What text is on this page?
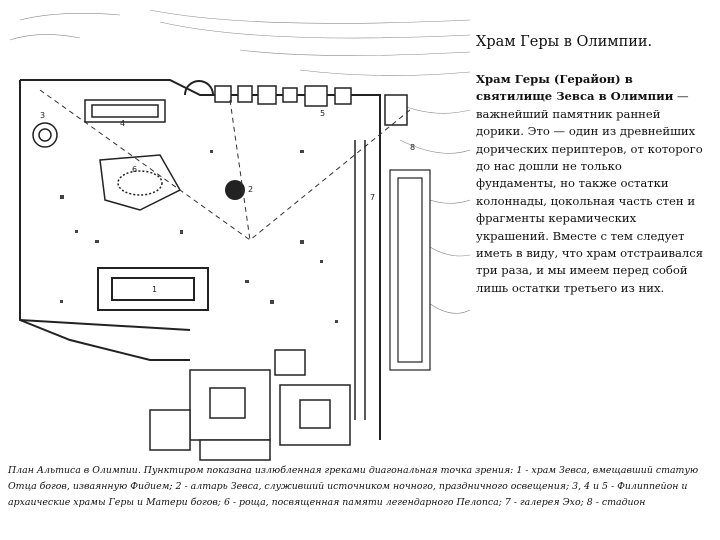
1
2
3
4
5
6
7
8
Храм Геры в Олимпии.
Храм Геры (Герайон) в святилище Зевса в Олимпии — важнейший памятник ранней дорики. Это — один из древнейших дорических периптеров, от которого до нас дошли не только фундаменты, но также остатки колоннады, цокольная часть стен и фрагменты керамических украшений. Вместе с тем следует иметь в виду, что храм отстраивался три раза, и мы имеем перед собой лишь остатки третьего из них.
План Альтиса в Олимпии. Пунктиром показана излюбленная греками диагональная точка зрения: 1 - храм Зевса, вмещавший статую Отца богов, изваянную Фидием; 2 - алтарь Зевса, служивший источником ночного, праздничного освещения; 3, 4 и 5 - Филиппейон и архаические храмы Геры и Матери богов; 6 - роща, посвященная памяти легендарного Пелопса; 7 - галерея Эхо; 8 - стадион
